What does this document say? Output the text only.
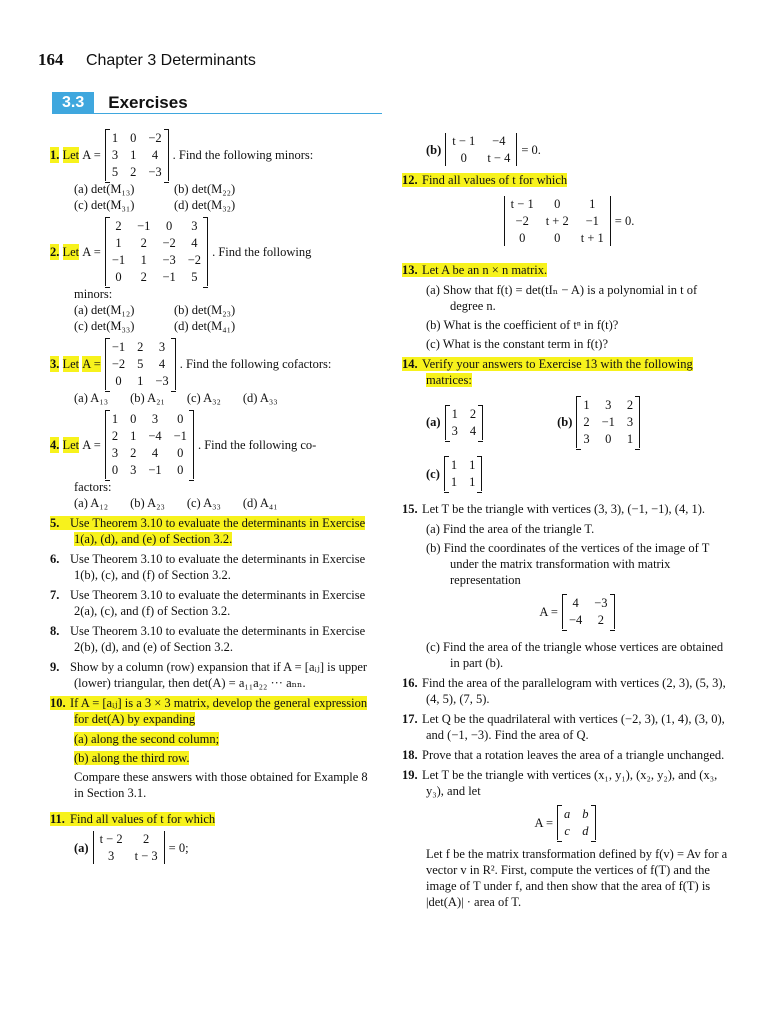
164 Chapter 3 Determinants
3.3	Exercises
1.
Let
A =
1 0 −2
3 1 4
5 2 −3
. Find the following minors:
(a) det(M₁₃)	(b) det(M₂₂)
(c) det(M₃₁)	(d) det(M₃₂)
2.
Let
A =
2 −1 0 3
1 2 −2 4
−1 1 −3 −2
0 2 −1 5
. Find the following
minors:
(a) det(M₁₂)	(b) det(M₂₃)
(c) det(M₃₃)	(d) det(M₄₁)
3.
Let
A =
−1 2 3
−2 5 4
0 1 −3
. Find the following cofactors:
(a) A₁₃ (b) A₂₁ (c) A₃₂ (d) A₃₃
4.
Let
A =
1 0 3 0
2 1 −4 −1
3 2 4 0
0 3 −1 0
. Find the following co-
factors:
(a) A₁₂ (b) A₂₃ (c) A₃₃ (d) A₄₁
5. Use Theorem 3.10 to evaluate the determinants in Exercise 1(a), (d), and (e) of Section 3.2.
6. Use Theorem 3.10 to evaluate the determinants in Exercise 1(b), (c), and (f) of Section 3.2.
7. Use Theorem 3.10 to evaluate the determinants in Exercise 2(a), (c), and (f) of Section 3.2.
8. Use Theorem 3.10 to evaluate the determinants in Exercise 2(b), (d), and (e) of Section 3.2.
9. Show by a column (row) expansion that if A = [aᵢⱼ] is upper (lower) triangular, then det(A) = a₁₁a₂₂ ··· aₙₙ.
10. If A = [aᵢⱼ] is a 3 × 3 matrix, develop the general expression for det(A) by expanding
(a) along the second column;
(b) along the third row.
Compare these answers with those obtained for Example 8 in Section 3.1.
11. Find all values of t for which
(a)
t − 2	2
3	t − 3
= 0;
(b)
t − 1	−4
0	t − 4
= 0.
12. Find all values of t for which
t − 1	0	1
−2	t + 2	−1
0	0	t + 1
= 0.
13. Let A be an n × n matrix.
(a) Show that f(t) = det(tIₙ − A) is a polynomial in t of degree n.
(b) What is the coefficient of tⁿ in f(t)?
(c) What is the constant term in f(t)?
14. Verify your answers to Exercise 13 with the following matrices:
(a)
1 2
3 4
(b)
1 3 2
2 −1 3
3 0 1
(c)
1 1
1 1
15. Let T be the triangle with vertices (3, 3), (−1, −1), (4, 1).
(a) Find the area of the triangle T.
(b) Find the coordinates of the vertices of the image of T under the matrix transformation with matrix representation
A =
4 −3
−4 2
(c) Find the area of the triangle whose vertices are obtained in part (b).
16. Find the area of the parallelogram with vertices (2, 3), (5, 3), (4, 5), (7, 5).
17. Let Q be the quadrilateral with vertices (−2, 3), (1, 4), (3, 0), and (−1, −3). Find the area of Q.
18. Prove that a rotation leaves the area of a triangle unchanged.
19. Let T be the triangle with vertices (x₁, y₁), (x₂, y₂), and (x₃, y₃), and let
A =
a b
c d
Let f be the matrix transformation defined by f(v) = Av for a vector v in R². First, compute the vertices of f(T) and the image of T under f, and then show that the area of f(T) is |det(A)| · area of T.
